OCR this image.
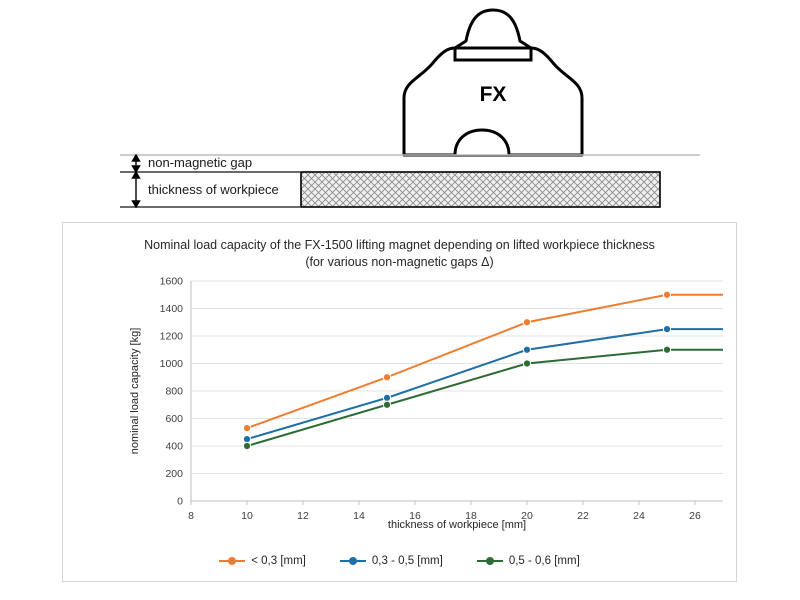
FX
non-magnetic gap
thickness of workpiece
Nominal load capacity of the FX-1500 lifting magnet depending on lifted workpiece thickness
(for various non-magnetic gaps Δ)
0
200
400
600
800
1000
1200
1400
1600
8	10	12	14	16	18	20	22	24	26
thickness of workpiece [mm]
nominal load capacity [kg]
< 0,3 [mm]	0,3 - 0,5 [mm]	0,5 - 0,6 [mm]
